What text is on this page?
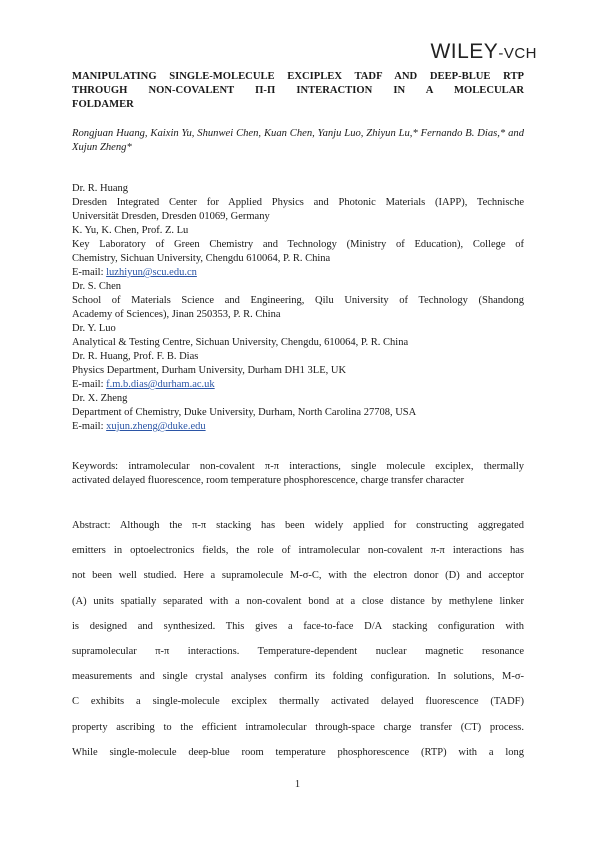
WILEY-VCH
MANIPULATING SINGLE-MOLECULE EXCIPLEX TADF AND DEEP-BLUE RTP
THROUGH NON-COVALENT Π-Π INTERACTION IN A MOLECULAR
FOLDAMER
Rongjuan Huang, Kaixin Yu, Shunwei Chen, Kuan Chen, Yanju Luo, Zhiyun Lu,* Fernando B. Dias,* and Xujun Zheng*
Dr. R. Huang
Dresden Integrated Center for Applied Physics and Photonic Materials (IAPP), Technische
Universität Dresden, Dresden 01069, Germany
K. Yu, K. Chen, Prof. Z. Lu
Key Laboratory of Green Chemistry and Technology (Ministry of Education), College of
Chemistry, Sichuan University, Chengdu 610064, P. R. China
E-mail: luzhiyun@scu.edu.cn
Dr. S. Chen
School of Materials Science and Engineering, Qilu University of Technology (Shandong
Academy of Sciences), Jinan 250353, P. R. China
Dr. Y. Luo
Analytical & Testing Centre, Sichuan University, Chengdu, 610064, P. R. China
Dr. R. Huang, Prof. F. B. Dias
Physics Department, Durham University, Durham DH1 3LE, UK
E-mail: f.m.b.dias@durham.ac.uk
Dr. X. Zheng
Department of Chemistry, Duke University, Durham, North Carolina 27708, USA
E-mail: xujun.zheng@duke.edu
Keywords: intramolecular non-covalent π-π interactions, single molecule exciplex, thermally
activated delayed fluorescence, room temperature phosphorescence, charge transfer character
Abstract: Although the π-π stacking has been widely applied for constructing aggregated
emitters in optoelectronics fields, the role of intramolecular non-covalent π-π interactions has
not been well studied. Here a supramolecule M-σ-C, with the electron donor (D) and acceptor
(A) units spatially separated with a non-covalent bond at a close distance by methylene linker
is designed and synthesized. This gives a face-to-face D/A stacking configuration with
supramolecular π-π interactions. Temperature-dependent nuclear magnetic resonance
measurements and single crystal analyses confirm its folding configuration. In solutions, M-σ-
C exhibits a single-molecule exciplex thermally activated delayed fluorescence (TADF)
property ascribing to the efficient intramolecular through-space charge transfer (CT) process.
While single-molecule deep-blue room temperature phosphorescence (RTP) with a long
1
